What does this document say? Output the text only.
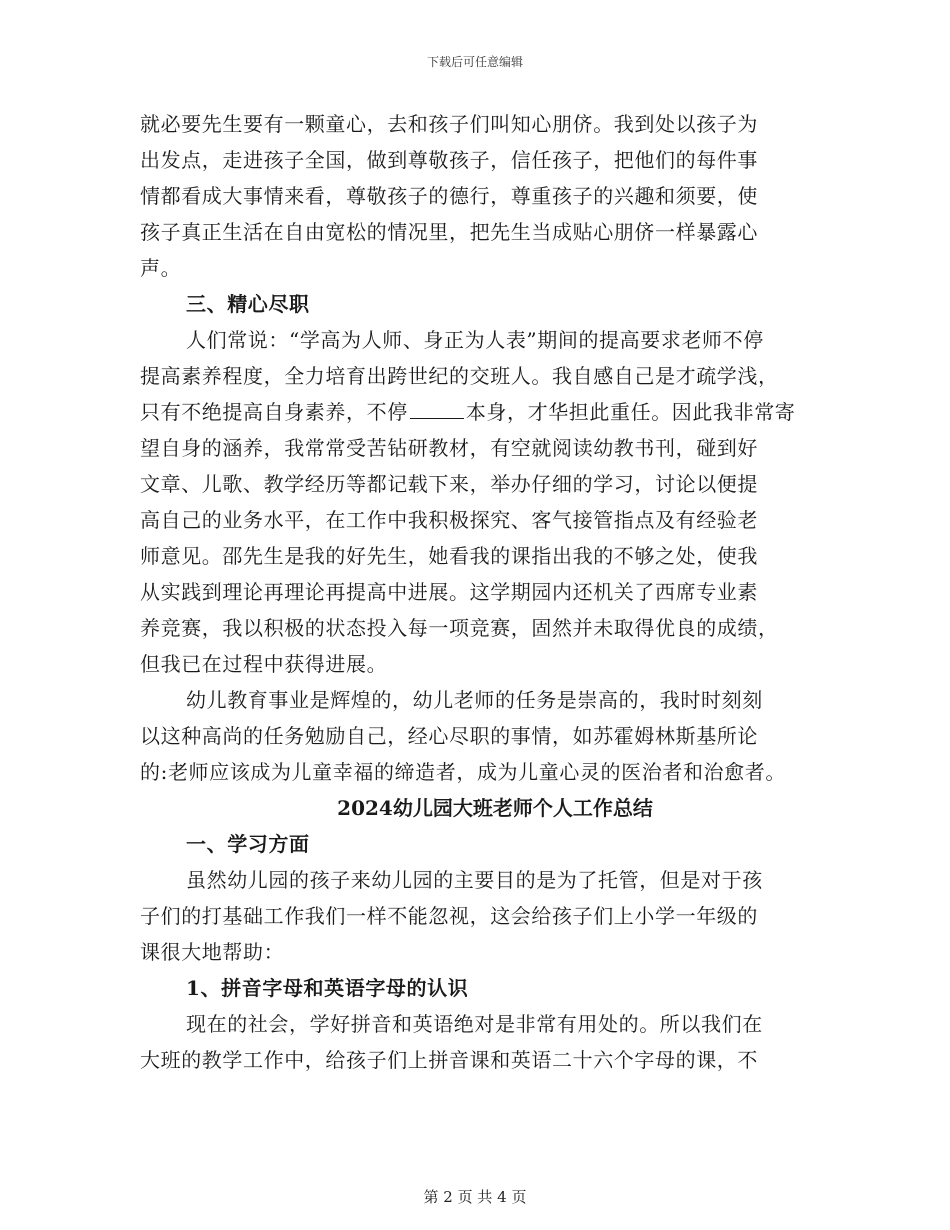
下载后可任意编辑
就必要先生要有一颗童心，去和孩子们叫知心朋侪。我到处以孩子为
出发点，走进孩子全国，做到尊敬孩子，信任孩子，把他们的每件事
情都看成大事情来看，尊敬孩子的德行，尊重孩子的兴趣和须要，使
孩子真正生活在自由宽松的情况里，把先生当成贴心朋侪一样暴露心
声。
三、精心尽职
人们常说：“学高为人师、身正为人表”期间的提高要求老师不停
提高素养程度，全力培育出跨世纪的交班人。我自感自己是才疏学浅，
只有不绝提高自身素养，不停	本身，才华担此重任。因此我非常寄
望自身的涵养，我常常受苦钻研教材，有空就阅读幼教书刊，碰到好
文章、儿歌、教学经历等都记载下来，举办仔细的学习，讨论以便提
高自己的业务水平，在工作中我积极探究、客气接管指点及有经验老
师意见。邵先生是我的好先生，她看我的课指出我的不够之处，使我
从实践到理论再理论再提高中进展。这学期园内还机关了西席专业素
养竞赛，我以积极的状态投入每一项竞赛，固然并未取得优良的成绩，
但我已在过程中获得进展。
幼儿教育事业是辉煌的，幼儿老师的任务是崇高的，我时时刻刻
以这种高尚的任务勉励自己，经心尽职的事情，如苏霍姆林斯基所论
的:老师应该成为儿童幸福的缔造者，成为儿童心灵的医治者和治愈者。
2024幼儿园大班老师个人工作总结
一、学习方面
虽然幼儿园的孩子来幼儿园的主要目的是为了托管，但是对于孩
子们的打基础工作我们一样不能忽视，这会给孩子们上小学一年级的
课很大地帮助：
1、拼音字母和英语字母的认识
现在的社会，学好拼音和英语绝对是非常有用处的。所以我们在
大班的教学工作中，给孩子们上拼音课和英语二十六个字母的课，不
第 2 页 共 4 页
